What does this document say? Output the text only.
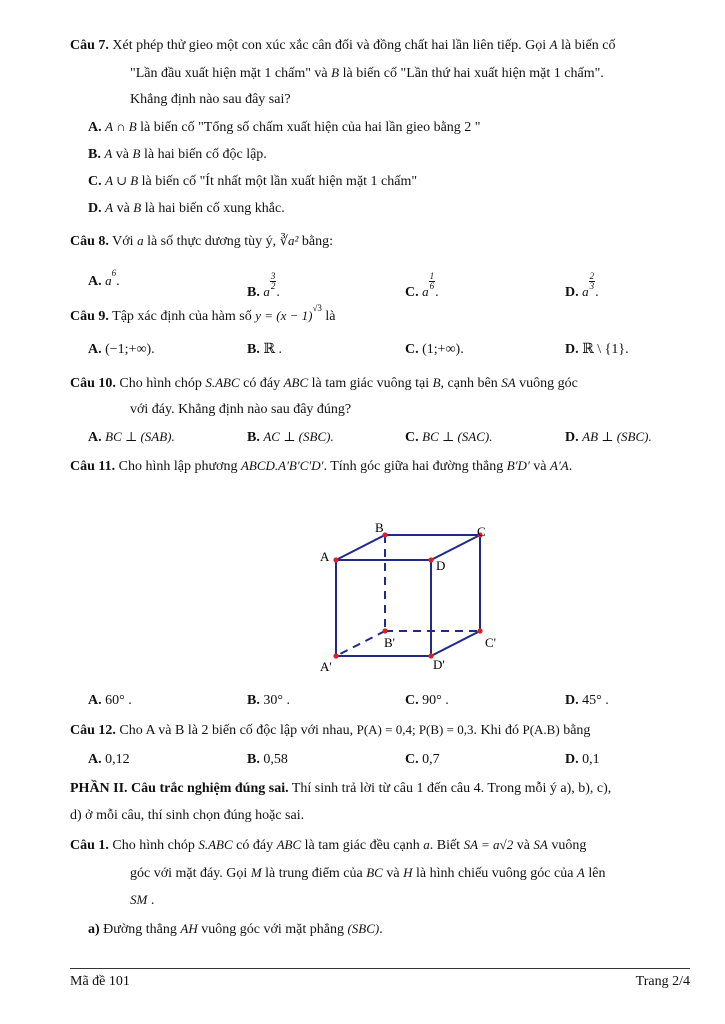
Câu 7. Xét phép thử gieo một con xúc xắc cân đối và đồng chất hai lần liên tiếp. Gọi A là biến cố
"Lần đầu xuất hiện mặt 1 chấm" và B là biến cố "Lần thứ hai xuất hiện mặt 1 chấm".
Khẳng định nào sau đây sai?
A. A ∩ B là biến cố "Tổng số chấm xuất hiện của hai lần gieo bằng 2 "
B. A và B là hai biến cố độc lập.
C. A ∪ B là biến cố "Ít nhất một lần xuất hiện mặt 1 chấm"
D. A và B là hai biến cố xung khắc.
Câu 8. Với a là số thực dương tùy ý, ∛a² bằng:
A. $a^6$.
B. a
$\frac{3}{2}$
.	C. a
$\frac{1}{6}$
.	D. a
$\frac{2}{3}$
.
Câu 9. Tập xác định của hàm số $y = (x - 1)^{√3}$ là
A. (−1;+∞).	B. ℝ .	C. (1;+∞).	D. ℝ \ {1}.
Câu 10. Cho hình chóp S.ABC có đáy ABC là tam giác vuông tại B, cạnh bên SA vuông góc
với đáy. Khẳng định nào sau đây đúng?
A. BC ⊥ (SAB).	B. AC ⊥ (SBC).	C. BC ⊥ (SAC).	D. AB ⊥ (SBC).
Câu 11. Cho hình lập phương ABCD.A′B′C′D′. Tính góc giữa hai đường thẳng B′D′ và A′A.
A
B	C
D
A'
B'	C'
D'
A. 60° .	B. 30° .	C. 90° .	D. 45° .
Câu 12. Cho A và B là 2 biến cố độc lập với nhau, P(A) = 0,4; P(B) = 0,3. Khi đó P(A.B) bằng
A. 0,12	B. 0,58	C. 0,7	D. 0,1
PHẦN II. Câu trắc nghiệm đúng sai. Thí sinh trả lời từ câu 1 đến câu 4. Trong mỗi ý a), b), c),
d) ở mỗi câu, thí sinh chọn đúng hoặc sai.
Câu 1. Cho hình chóp S.ABC có đáy ABC là tam giác đều cạnh a. Biết SA = a√2 và SA vuông
góc với mặt đáy. Gọi M là trung điểm của BC và H là hình chiếu vuông góc của A lên
SM .
a) Đường thẳng AH vuông góc với mặt phẳng (SBC).
Mã đề 101	Trang 2/4
